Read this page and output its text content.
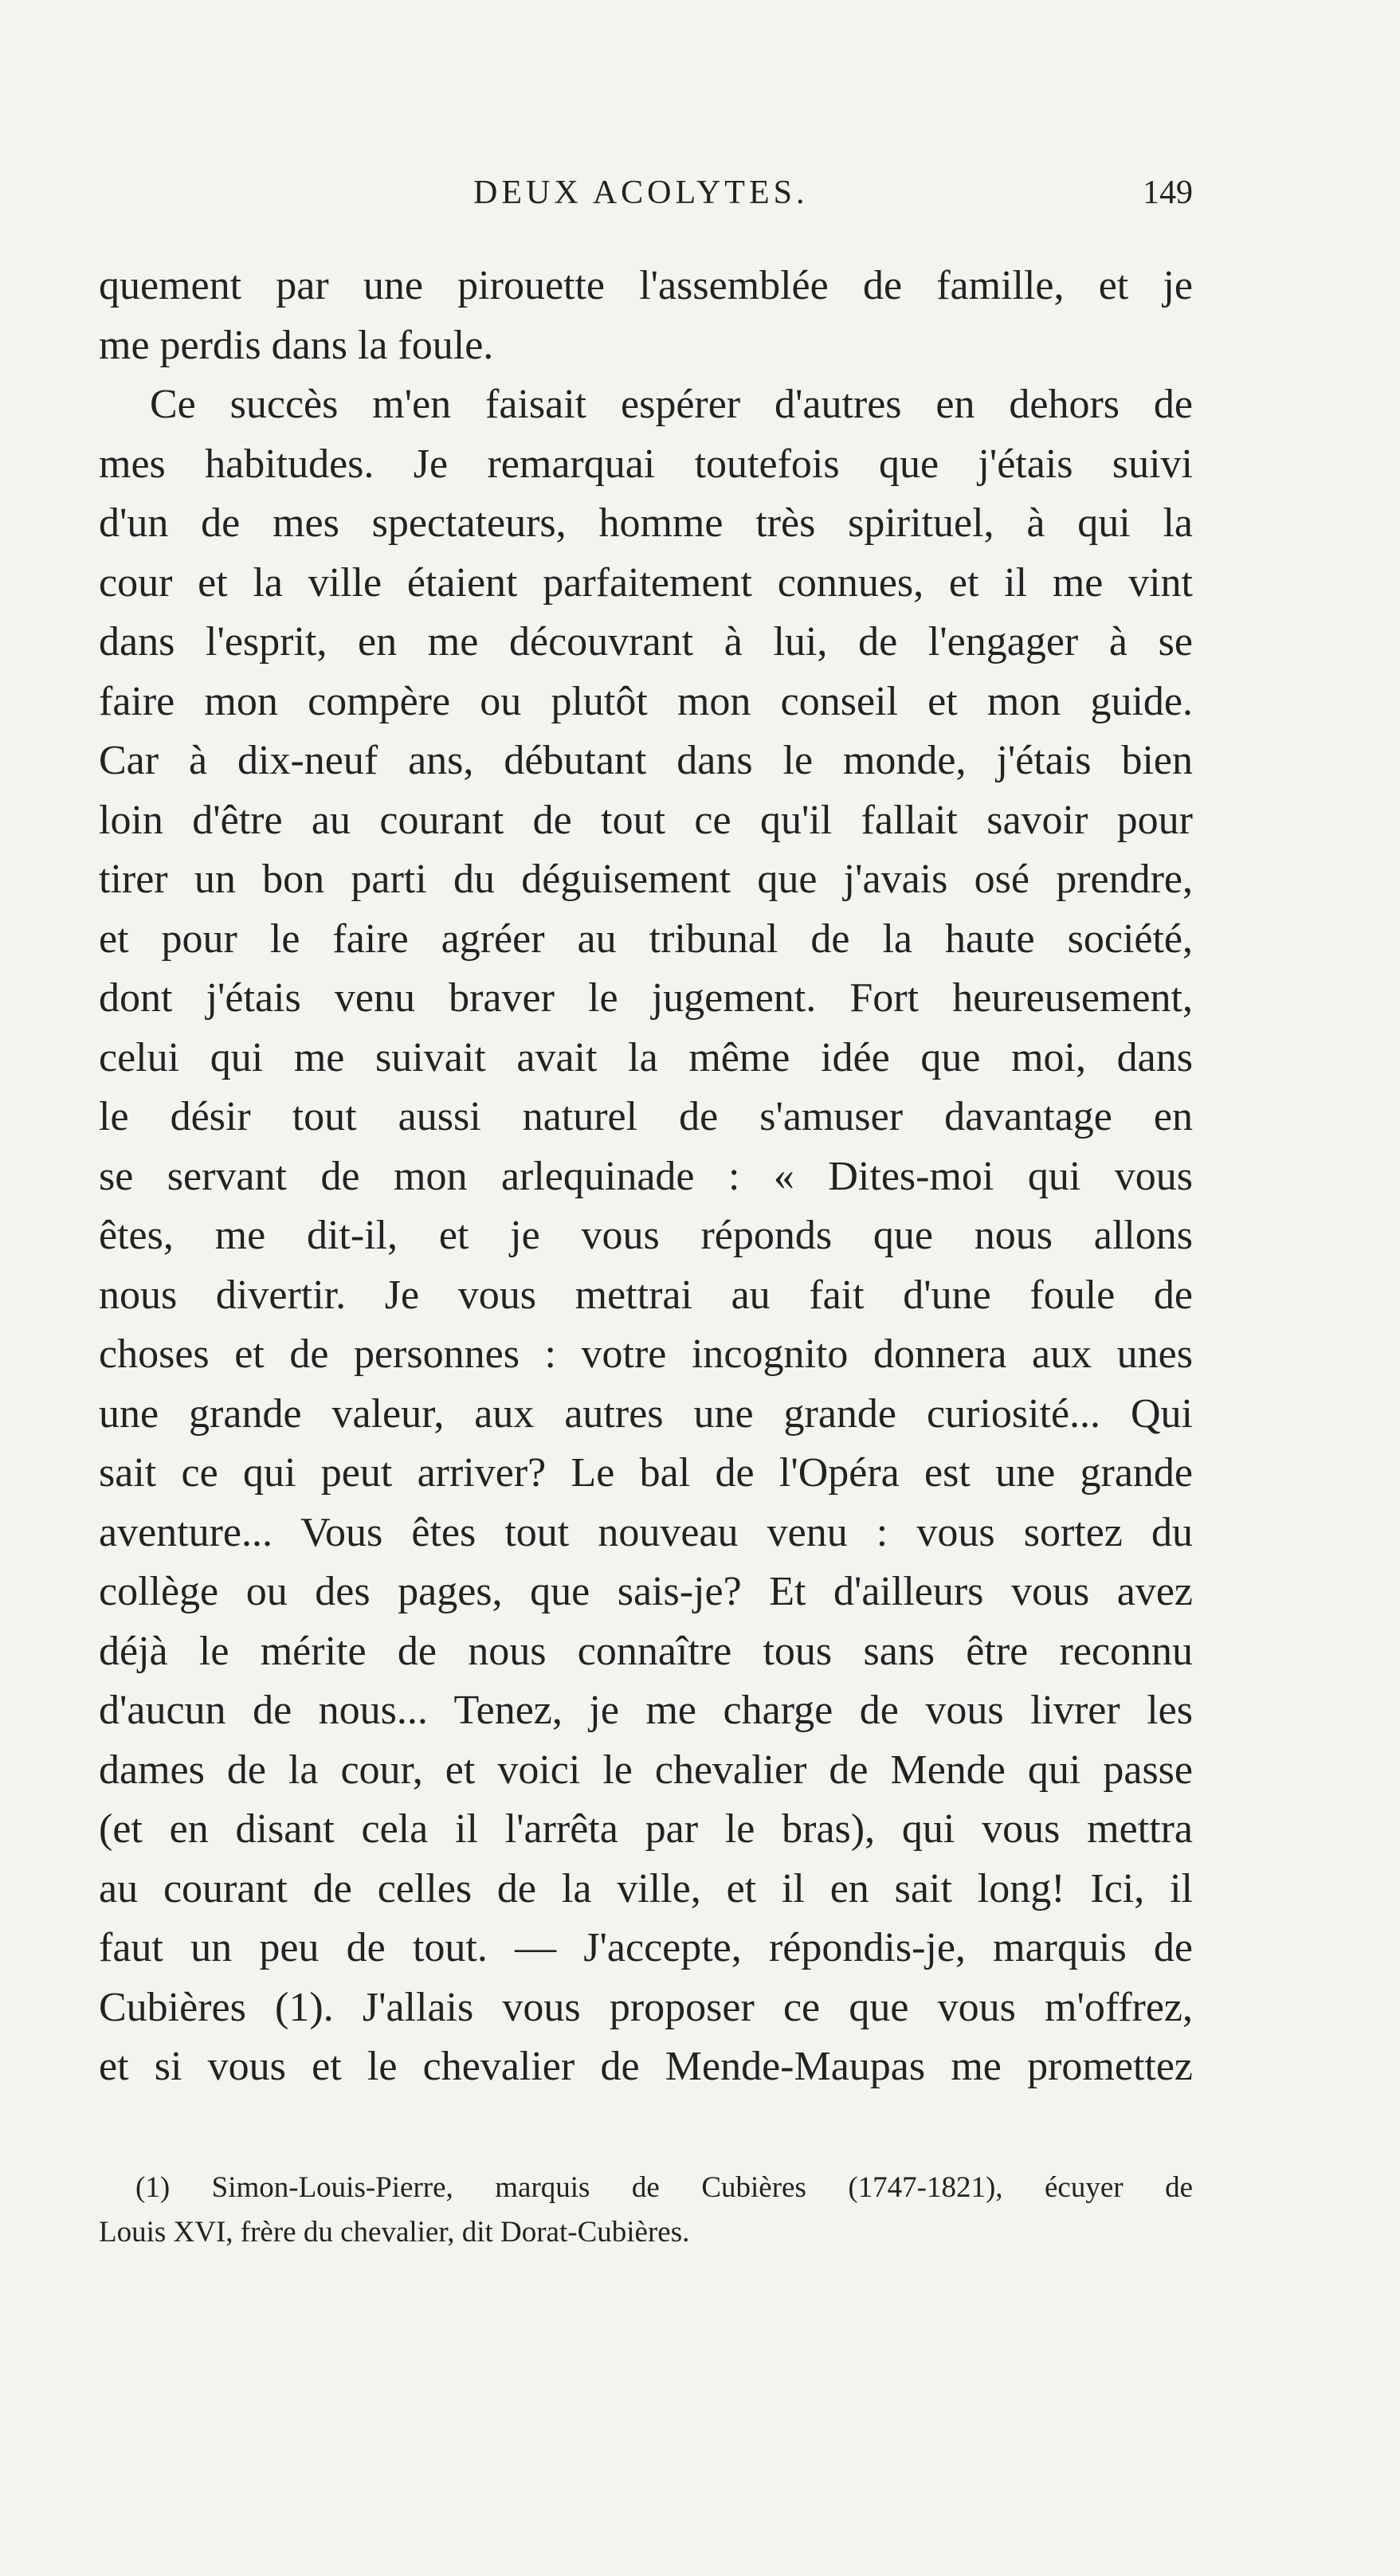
DEUX ACOLYTES.	149
quement par une pirouette l'assemblée de famille, et je
me perdis dans la foule.
Ce succès m'en faisait espérer d'autres en dehors de
mes habitudes. Je remarquai toutefois que j'étais suivi
d'un de mes spectateurs, homme très spirituel, à qui la
cour et la ville étaient parfaitement connues, et il me vint
dans l'esprit, en me découvrant à lui, de l'engager à se
faire mon compère ou plutôt mon conseil et mon guide.
Car à dix-neuf ans, débutant dans le monde, j'étais bien
loin d'être au courant de tout ce qu'il fallait savoir pour
tirer un bon parti du déguisement que j'avais osé prendre,
et pour le faire agréer au tribunal de la haute société,
dont j'étais venu braver le jugement. Fort heureusement,
celui qui me suivait avait la même idée que moi, dans
le désir tout aussi naturel de s'amuser davantage en
se servant de mon arlequinade : « Dites-moi qui vous
êtes, me dit-il, et je vous réponds que nous allons
nous divertir. Je vous mettrai au fait d'une foule de
choses et de personnes : votre incognito donnera aux unes
une grande valeur, aux autres une grande curiosité... Qui
sait ce qui peut arriver? Le bal de l'Opéra est une grande
aventure... Vous êtes tout nouveau venu : vous sortez du
collège ou des pages, que sais-je? Et d'ailleurs vous avez
déjà le mérite de nous connaître tous sans être reconnu
d'aucun de nous... Tenez, je me charge de vous livrer les
dames de la cour, et voici le chevalier de Mende qui passe
(et en disant cela il l'arrêta par le bras), qui vous mettra
au courant de celles de la ville, et il en sait long! Ici, il
faut un peu de tout. — J'accepte, répondis-je, marquis de
Cubières (1). J'allais vous proposer ce que vous m'offrez,
et si vous et le chevalier de Mende-Maupas me promettez
(1) Simon-Louis-Pierre, marquis de Cubières (1747-1821), écuyer de
Louis XVI, frère du chevalier, dit Dorat-Cubières.
